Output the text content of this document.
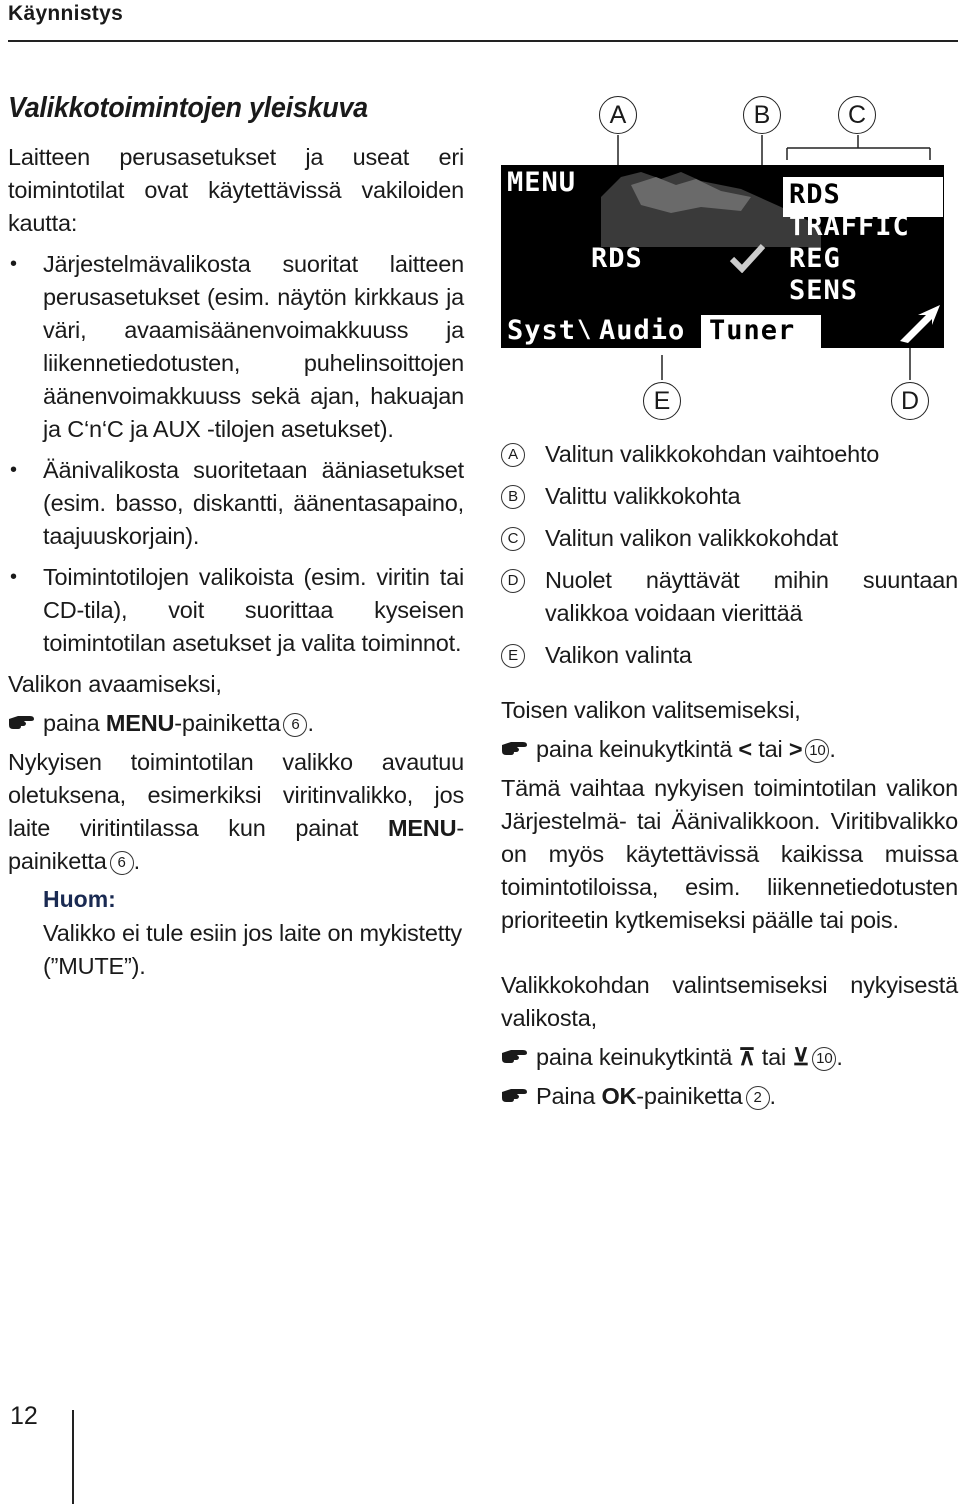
Käynnistys
Valikkotoimintojen yleiskuva

Laitteen perusasetukset ja useat eri toimintotilat ovat käytettävissä vakiloiden kautta:

• Järjestelmävalikosta suoritat laitteen perusasetukset (esim. näytön kirkkaus ja väri, avaamisäänenvoimakkuuss ja liikennetiedotusten, puhelinsoittojen äänenvoimakkuuss sekä ajan, hakuajan ja C‘n‘C ja AUX -tilojen asetukset).
• Äänivalikosta suoritetaan ääniasetukset (esim. basso, diskantti, äänentasapaino, taajuuskorjain).
• Toimintotilojen valikoista (esim. viritin tai CD-tila), voit suorittaa kyseisen toimintotilan asetukset ja valita toiminnot.

Valikon avaamiseksi,

paina MENU-painiketta 6 .

Nykyisen toimintotilan valikko avautuu oletuksena, esimerkiksi viritinvalikko, jos laite viritintilassa kun painat MENU-painiketta 6 .

Huom:

Valikko ei tule esiin jos laite on mykistetty (”MUTE”).

A	B	C
MENU
RDS
RDS
TRAFFIC
REG
SENS
Syst \ Audio Tuner
E	D
A	Valitun valikkokohdan vaihtoehto
B	Valittu valikkokohta
C Valitun valikon valikkokohdat
D Nuolet näyttävät mihin suuntaan valikkoa voidaan vierittää
E	Valikon valinta

Toisen valikon valitsemiseksi,

paina keinukytkintä < tai > 10 .

Tämä vaihtaa nykyisen toimintotilan valikon Järjestelmä- tai Äänivalikkoon. Viritibvalikko on myös käytettävissä kaikissa muissa toimintotiloissa, esim. liikennetiedotusten prioriteetin kytkemiseksi päälle tai pois.

Valikkokohdan valintsemiseksi nykyisestä valikosta,

paina keinukytkintä ⊼ tai ⊻ 10 .
Paina OK-painiketta 2 .
12
